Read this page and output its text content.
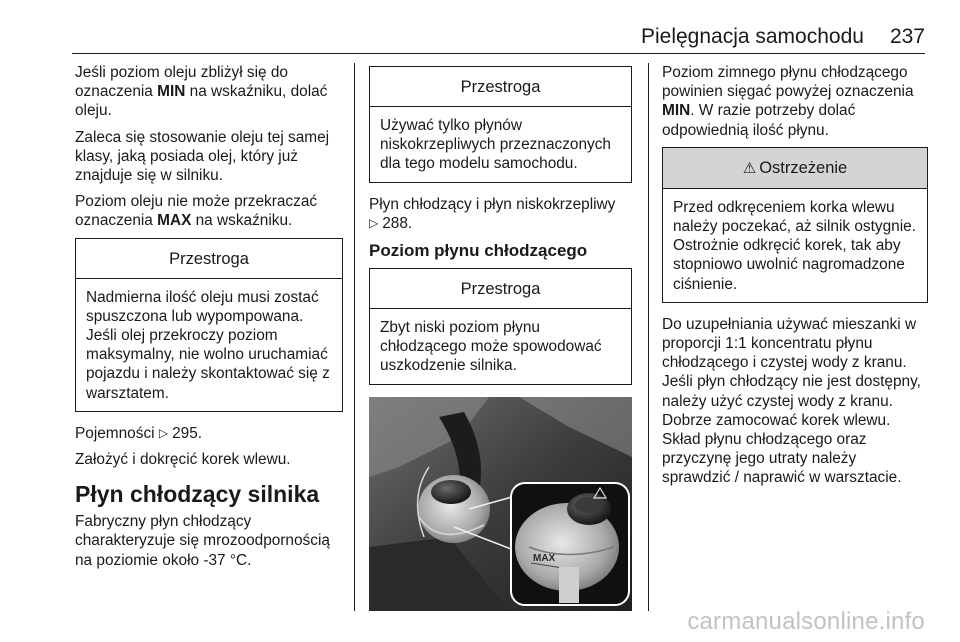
Pielęgnacja samochodu 237

Jeśli poziom oleju zbliżył się do oznaczenia MIN na wskaźniku, dolać oleju.

Zaleca się stosowanie oleju tej samej klasy, jaką posiada olej, który już znajduje się w silniku.

Poziom oleju nie może przekraczać oznaczenia MAX na wskaźniku.

Przestroga
Nadmierna ilość oleju musi zostać spuszczona lub wypompowana. Jeśli olej przekroczy poziom maksymalny, nie wolno uruchamiać pojazdu i należy skontaktować się z warsztatem.

Pojemności ▷ 295.

Założyć i dokręcić korek wlewu.

Płyn chłodzący silnika

Fabryczny płyn chłodzący charakteryzuje się mrozoodpornością na poziomie około -37 °C.

Przestroga
Używać tylko płynów niskokrzepliwych przeznaczonych dla tego modelu samochodu.

Płyn chłodzący i płyn niskokrzepliwy ▷ 288.

Poziom płynu chłodzącego
Przestroga
Zbyt niski poziom płynu chłodzącego może spowodować uszkodzenie silnika.
MAX

Poziom zimnego płynu chłodzącego powinien sięgać powyżej oznaczenia MIN. W razie potrzeby dolać odpowiednią ilość płynu.

⚠ Ostrzeżenie
Przed odkręceniem korka wlewu należy poczekać, aż silnik ostygnie. Ostrożnie odkręcić korek, tak aby stopniowo uwolnić nagromadzone ciśnienie.

Do uzupełniania używać mieszanki w proporcji 1:1 koncentratu płynu chłodzącego i czystej wody z kranu. Jeśli płyn chłodzący nie jest dostępny, należy użyć czystej wody z kranu. Dobrze zamocować korek wlewu. Skład płynu chłodzącego oraz przyczynę jego utraty należy sprawdzić / naprawić w warsztacie.

carmanualsonline.info
